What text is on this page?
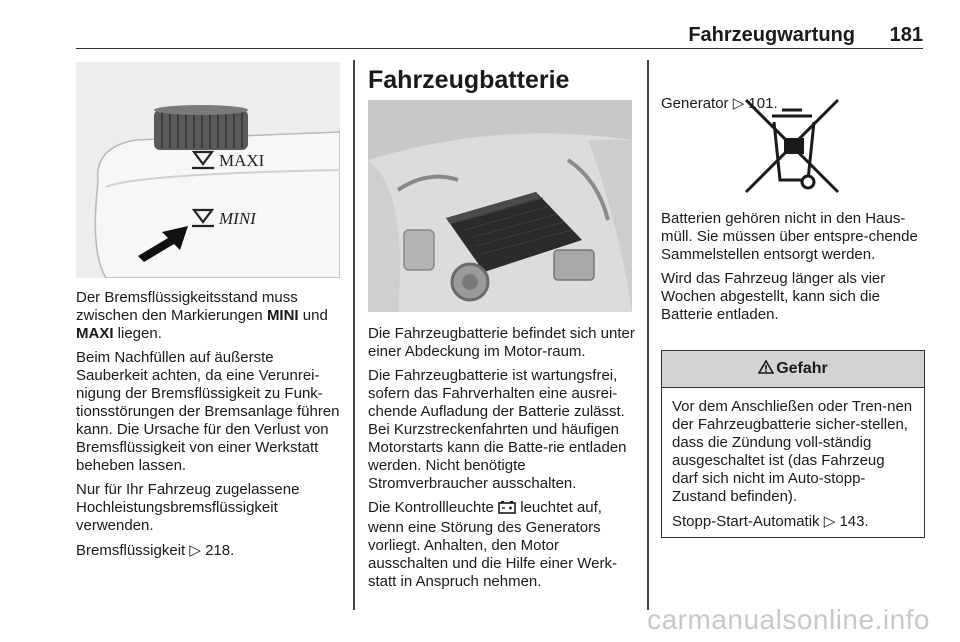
Fahrzeugwartung 181
MAXI
MINI

Der Bremsflüssigkeitsstand muss zwischen den Markierungen MINI und MAXI liegen.

Beim Nachfüllen auf äußerste Sauberkeit achten, da eine Verunrei-nigung der Bremsflüssigkeit zu Funk-tionsstörungen der Bremsanlage führen kann. Die Ursache für den Verlust von Bremsflüssigkeit von einer Werkstatt beheben lassen.

Nur für Ihr Fahrzeug zugelassene Hochleistungsbremsflüssigkeit verwenden.

Bremsflüssigkeit ▷ 218.

Fahrzeugbatterie

Die Fahrzeugbatterie befindet sich unter einer Abdeckung im Motor-raum.

Die Fahrzeugbatterie ist wartungsfrei, sofern das Fahrverhalten eine ausrei-chende Aufladung der Batterie zulässt. Bei Kurzstreckenfahrten und häufigen Motorstarts kann die Batte-rie entladen werden. Nicht benötigte Stromverbraucher ausschalten.

Die Kontrollleuchte  leuchtet auf, wenn eine Störung des Generators vorliegt. Anhalten, den Motor ausschalten und die Hilfe einer Werk-statt in Anspruch nehmen.

Generator ▷ 101.

Batterien gehören nicht in den Haus-müll. Sie müssen über entspre-chende Sammelstellen entsorgt werden.

Wird das Fahrzeug länger als vier Wochen abgestellt, kann sich die Batterie entladen.

Gefahr

Vor dem Anschließen oder Tren-nen der Fahrzeugbatterie sicher-stellen, dass die Zündung voll-ständig ausgeschaltet ist (das Fahrzeug darf sich nicht im Auto-stopp-Zustand befinden).

Stopp-Start-Automatik ▷ 143.

carmanualsonline.info
